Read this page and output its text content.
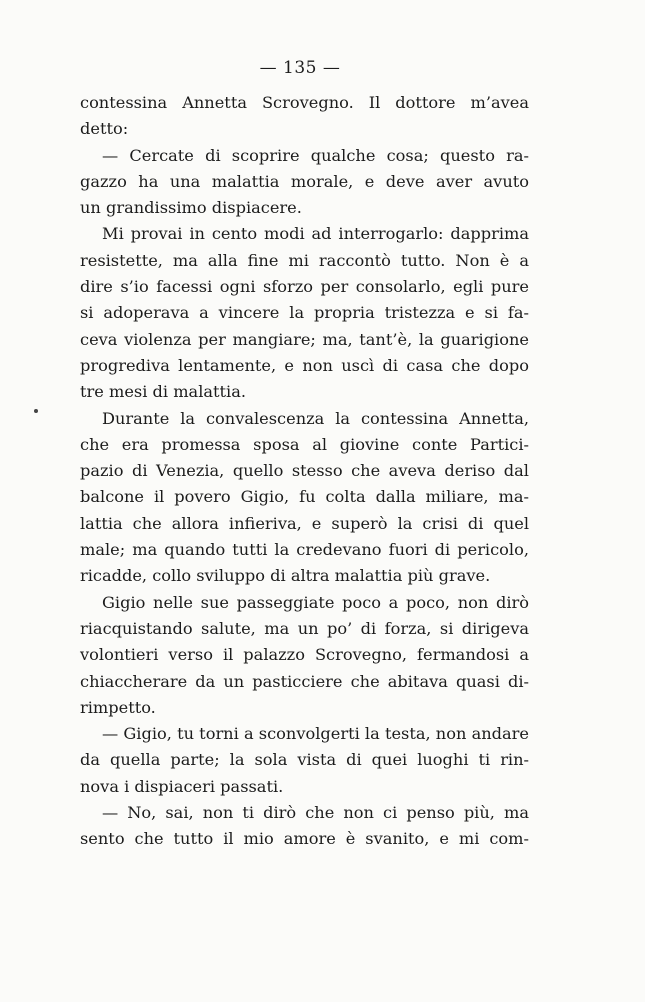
— 135 —
contessina Annetta Scrovegno. Il dottore m’avea
detto:
— Cercate di scoprire qualche cosa; questo ra-
gazzo ha una malattia morale, e deve aver avuto
un grandissimo dispiacere.
Mi provai in cento modi ad interrogarlo: dapprima
resistette, ma alla fine mi raccontò tutto. Non è a
dire s’io facessi ogni sforzo per consolarlo, egli pure
si adoperava a vincere la propria tristezza e si fa-
ceva violenza per mangiare; ma, tant’è, la guarigione
progrediva lentamente, e non uscì di casa che dopo
tre mesi di malattia.
Durante la convalescenza la contessina Annetta,
che era promessa sposa al giovine conte Partici-
pazio di Venezia, quello stesso che aveva deriso dal
balcone il povero Gigio, fu colta dalla miliare, ma-
lattia che allora infieriva, e superò la crisi di quel
male; ma quando tutti la credevano fuori di pericolo,
ricadde, collo sviluppo di altra malattia più grave.
Gigio nelle sue passeggiate poco a poco, non dirò
riacquistando salute, ma un po’ di forza, si dirigeva
volontieri verso il palazzo Scrovegno, fermandosi a
chiaccherare da un pasticciere che abitava quasi di-
rimpetto.
— Gigio, tu torni a sconvolgerti la testa, non andare
da quella parte; la sola vista di quei luoghi ti rin-
nova i dispiaceri passati.
— No, sai, non ti dirò che non ci penso più, ma
sento che tutto il mio amore è svanito, e mi com-
